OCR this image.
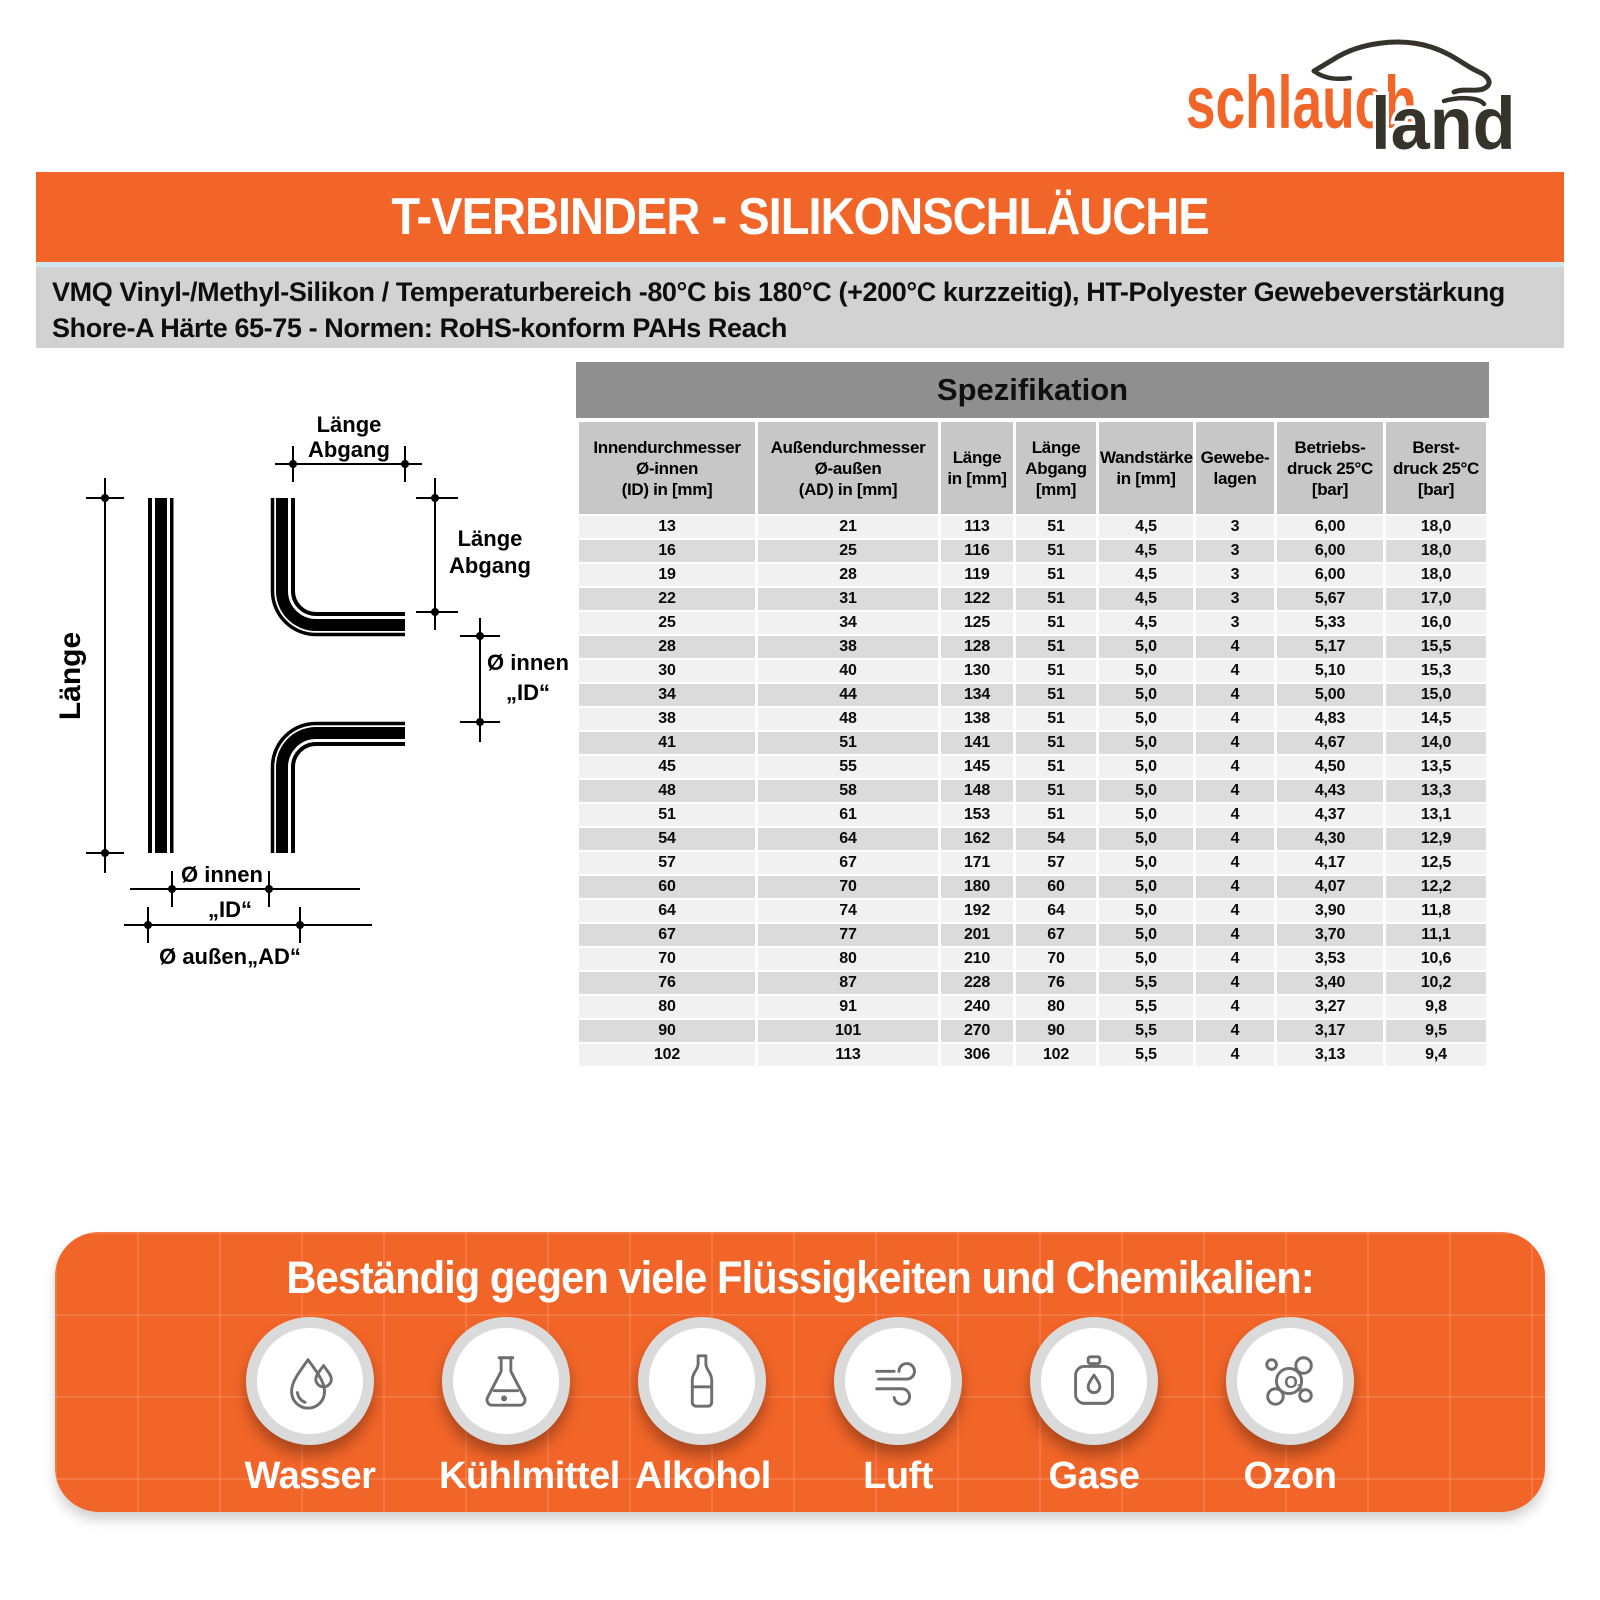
schlauch
land
T-VERBINDER - SILIKONSCHLÄUCHE
VMQ Vinyl-/Methyl-Silikon / Temperaturbereich -80°C bis 180°C (+200°C kurzzeitig), HT-Polyester Gewebeverstärkung
Shore-A Härte 65-75 - Normen: RoHS-konform PAHs Reach
Länge
Abgang
Länge
Abgang
Ø innen
„ID“
Länge
Ø innen
„ID“
Ø außen„AD“
Spezifikation
Innendurchmesser
Ø-innen
(ID) in [mm]

Außendurchmesser
Ø-außen
(AD) in [mm]

Länge
in [mm]

Länge
Abgang
[mm]

Wandstärke
in [mm]

Gewebe-
lagen

Betriebs-
druck 25°C
[bar]

Berst-
druck 25°C
[bar]

13	21	113	51	4,5	3	6,00	18,0
16	25	116	51	4,5	3	6,00	18,0
19	28	119	51	4,5	3	6,00	18,0
22	31	122	51	4,5	3	5,67	17,0
25	34	125	51	4,5	3	5,33	16,0
28	38	128	51	5,0	4	5,17	15,5
30	40	130	51	5,0	4	5,10	15,3
34	44	134	51	5,0	4	5,00	15,0
38	48	138	51	5,0	4	4,83	14,5
41	51	141	51	5,0	4	4,67	14,0
45	55	145	51	5,0	4	4,50	13,5
48	58	148	51	5,0	4	4,43	13,3
51	61	153	51	5,0	4	4,37	13,1
54	64	162	54	5,0	4	4,30	12,9
57	67	171	57	5,0	4	4,17	12,5
60	70	180	60	5,0	4	4,07	12,2
64	74	192	64	5,0	4	3,90	11,8
67	77	201	67	5,0	4	3,70	11,1
70	80	210	70	5,0	4	3,53	10,6
76	87	228	76	5,5	4	3,40	10,2
80	91	240	80	5,5	4	3,27	9,8
90	101	270	90	5,5	4	3,17	9,5
102	113	306	102	5,5	4	3,13	9,4
Beständig gegen viele Flüssigkeiten und Chemikalien:
Wasser Kühlmittel Alkohol	Luft	Gase
O 3
Ozon
